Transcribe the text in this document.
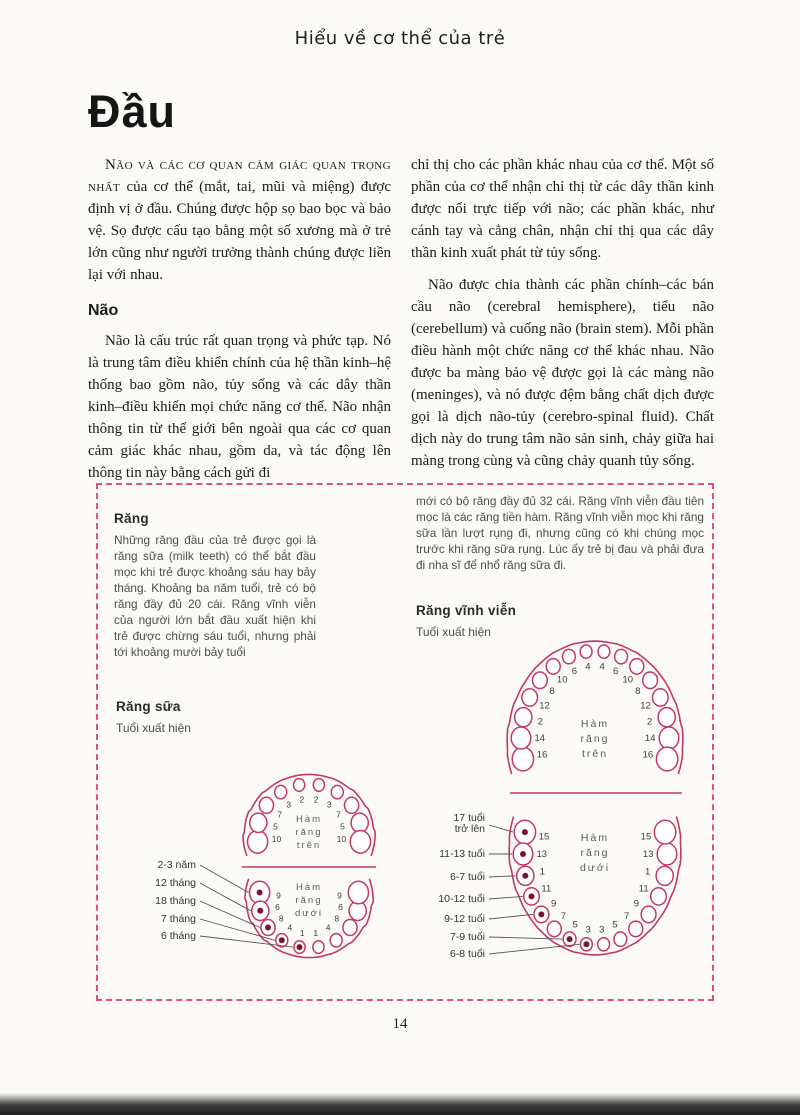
Hiểu về cơ thể của trẻ
Đầu

Não và các cơ quan cảm giác quan trọng nhất của cơ thể (mắt, tai, mũi và miệng) được định vị ở đầu. Chúng được hộp sọ bao bọc và bảo vệ. Sọ được cấu tạo bằng một số xương mà ở trẻ lớn cũng như người trưởng thành chúng được liền lại với nhau.

Não

Não là cấu trúc rất quan trọng và phức tạp. Nó là trung tâm điều khiển chính của hệ thần kinh–hệ thống bao gồm não, tủy sống và các dây thần kinh–điều khiển mọi chức năng cơ thể. Não nhận thông tin từ thế giới bên ngoài qua các cơ quan cảm giác khác nhau, gồm da, và tác động lên thông tin này bằng cách gửi đi

chỉ thị cho các phần khác nhau của cơ thể. Một số phần của cơ thể nhận chỉ thị từ các dây thần kinh được nối trực tiếp với não; các phần khác, như cánh tay và cẳng chân, nhận chỉ thị qua các dây thần kinh xuất phát từ tủy sống.

Não được chia thành các phần chính–các bán cầu não (cerebral hemisphere), tiểu não (cerebellum) và cuống não (brain stem). Mỗi phần điều hành một chức năng cơ thể khác nhau. Não được ba màng bảo vệ được gọi là các màng não (meninges), và nó được đệm bằng chất dịch được gọi là dịch não-tủy (cerebro-spinal fluid). Chất dịch này do trung tâm não sản sinh, chảy giữa hai màng trong cùng và cũng chảy quanh tủy sống.

Răng
Những răng đầu của trẻ được gọi là răng sữa (milk teeth) có thể bắt đầu mọc khi trẻ được khoảng sáu hay bảy tháng. Khoảng ba năm tuổi, trẻ có bộ răng đầy đủ 20 cái. Răng vĩnh viễn của người lớn bắt đầu xuất hiện khi trẻ được chừng sáu tuổi, nhưng phải tới khoảng mười bảy tuổi
mới có bộ răng đầy đủ 32 cái. Răng vĩnh viễn đầu tiên mọc là các răng tiền hàm. Răng vĩnh viễn mọc khi răng sữa lần lượt rụng đi, nhưng cũng có khi chúng mọc trước khi răng sữa rụng. Lúc ấy trẻ bị đau và phải đưa đi nha sĩ để nhổ răng sữa đi.
Răng vĩnh viễn
Tuổi xuất hiện
Răng sữa
Tuổi xuất hiện
10
5
7
3
2 2
3
7
5
10
Hàm răng trên
9
6
8
4
1 1
4
8
6
9
Hàm răng dưới
2-3 năm
12 tháng
18 tháng
7 tháng
6 tháng
16
14
2
12
8
10
6 4 4 6
10
8
12
2
14
16
Hàm răng trên
15
13
1
11
9
7
5 3 3 5
7
9
11
1
13
15
Hàm răng dưới
17 tuổi trở lên
11-13 tuổi
6-7 tuổi
10-12 tuổi
9-12 tuổi
7-9 tuổi
6-8 tuổi
14
